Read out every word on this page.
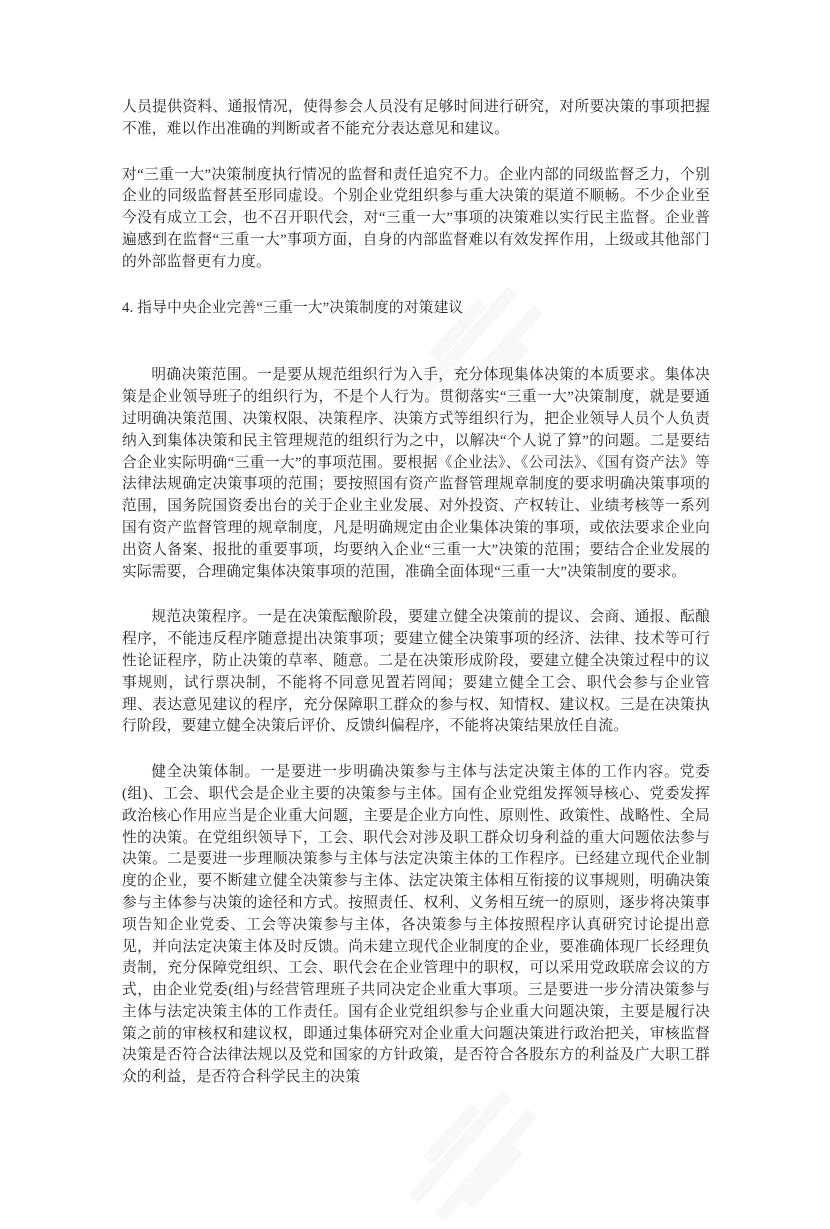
人员提供资料、通报情况，使得参会人员没有足够时间进行研究，对所要决策的事项把握不准，难以作出准确的判断或者不能充分表达意见和建议。

对“三重一大”决策制度执行情况的监督和责任追究不力。企业内部的同级监督乏力，个别企业的同级监督甚至形同虚设。个别企业党组织参与重大决策的渠道不顺畅。不少企业至今没有成立工会，也不召开职代会，对“三重一大”事项的决策难以实行民主监督。企业普遍感到在监督“三重一大”事项方面，自身的内部监督难以有效发挥作用，上级或其他部门的外部监督更有力度。

4. 指导中央企业完善“三重一大”决策制度的对策建议

明确决策范围。一是要从规范组织行为入手，充分体现集体决策的本质要求。集体决策是企业领导班子的组织行为，不是个人行为。贯彻落实“三重一大”决策制度，就是要通过明确决策范围、决策权限、决策程序、决策方式等组织行为，把企业领导人员个人负责纳入到集体决策和民主管理规范的组织行为之中，以解决“个人说了算”的问题。二是要结合企业实际明确“三重一大”的事项范围。要根据《企业法》、《公司法》、《国有资产法》等法律法规确定决策事项的范围；要按照国有资产监督管理规章制度的要求明确决策事项的范围，国务院国资委出台的关于企业主业发展、对外投资、产权转让、业绩考核等一系列国有资产监督管理的规章制度，凡是明确规定由企业集体决策的事项，或依法要求企业向出资人备案、报批的重要事项，均要纳入企业“三重一大”决策的范围；要结合企业发展的实际需要，合理确定集体决策事项的范围，准确全面体现“三重一大”决策制度的要求。

规范决策程序。一是在决策酝酿阶段，要建立健全决策前的提议、会商、通报、酝酿程序，不能违反程序随意提出决策事项；要建立健全决策事项的经济、法律、技术等可行性论证程序，防止决策的草率、随意。二是在决策形成阶段，要建立健全决策过程中的议事规则，试行票决制，不能将不同意见置若罔闻；要建立健全工会、职代会参与企业管理、表达意见建议的程序，充分保障职工群众的参与权、知情权、建议权。三是在决策执行阶段，要建立健全决策后评价、反馈纠偏程序，不能将决策结果放任自流。

健全决策体制。一是要进一步明确决策参与主体与法定决策主体的工作内容。党委(组)、工会、职代会是企业主要的决策参与主体。国有企业党组发挥领导核心、党委发挥政治核心作用应当是企业重大问题，主要是企业方向性、原则性、政策性、战略性、全局性的决策。在党组织领导下，工会、职代会对涉及职工群众切身利益的重大问题依法参与决策。二是要进一步理顺决策参与主体与法定决策主体的工作程序。已经建立现代企业制度的企业，要不断建立健全决策参与主体、法定决策主体相互衔接的议事规则，明确决策参与主体参与决策的途径和方式。按照责任、权利、义务相互统一的原则，逐步将决策事项告知企业党委、工会等决策参与主体，各决策参与主体按照程序认真研究讨论提出意见，并向法定决策主体及时反馈。尚未建立现代企业制度的企业，要准确体现厂长经理负责制，充分保障党组织、工会、职代会在企业管理中的职权，可以采用党政联席会议的方式，由企业党委(组)与经营管理班子共同决定企业重大事项。三是要进一步分清决策参与主体与法定决策主体的工作责任。国有企业党组织参与企业重大问题决策，主要是履行决策之前的审核权和建议权，即通过集体研究对企业重大问题决策进行政治把关，审核监督决策是否符合法律法规以及党和国家的方针政策，是否符合各股东方的利益及广大职工群众的利益，是否符合科学民主的决策
